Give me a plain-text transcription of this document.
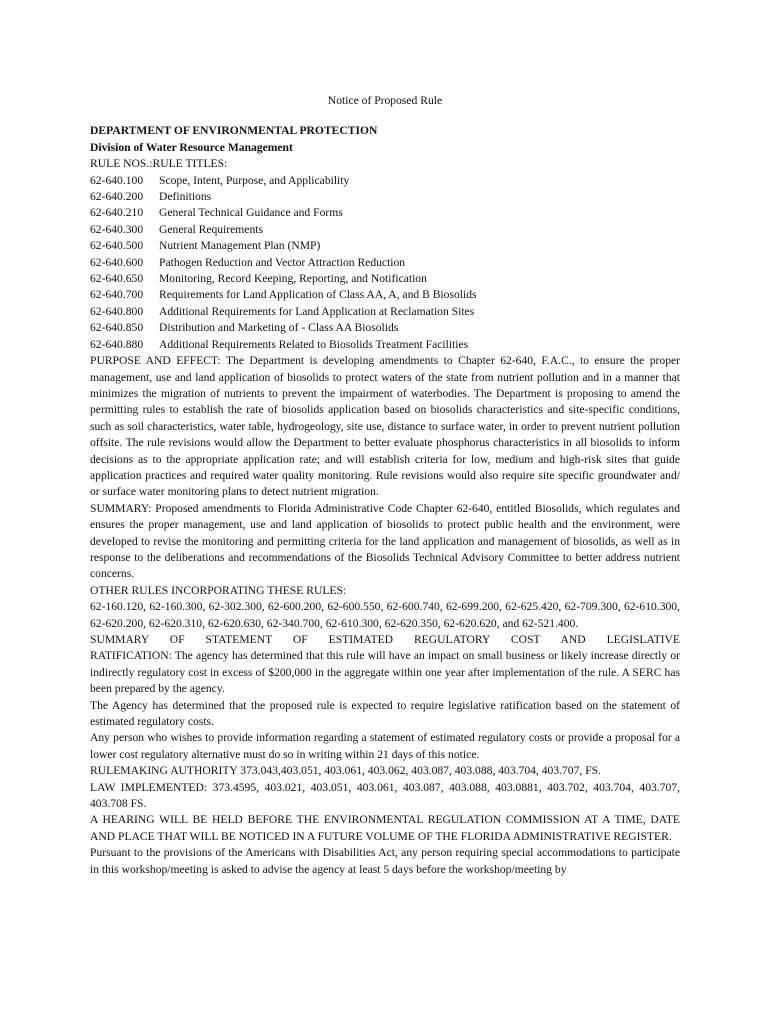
Notice of Proposed Rule
DEPARTMENT OF ENVIRONMENTAL PROTECTION
Division of Water Resource Management
RULE NOS.:RULE TITLES:
62-640.100 Scope, Intent, Purpose, and Applicability
62-640.200 Definitions
62-640.210 General Technical Guidance and Forms
62-640.300 General Requirements
62-640.500 Nutrient Management Plan (NMP)
62-640.600 Pathogen Reduction and Vector Attraction Reduction
62-640.650 Monitoring, Record Keeping, Reporting, and Notification
62-640.700 Requirements for Land Application of Class AA, A, and B Biosolids
62-640.800 Additional Requirements for Land Application at Reclamation Sites
62-640.850 Distribution and Marketing of - Class AA Biosolids
62-640.880 Additional Requirements Related to Biosolids Treatment Facilities
PURPOSE AND EFFECT: The Department is developing amendments to Chapter 62-640, F.A.C., to ensure the proper management, use and land application of biosolids to protect waters of the state from nutrient pollution and in a manner that minimizes the migration of nutrients to prevent the impairment of waterbodies. The Department is proposing to amend the permitting rules to establish the rate of biosolids application based on biosolids characteristics and site-specific conditions, such as soil characteristics, water table, hydrogeology, site use, distance to surface water, in order to prevent nutrient pollution offsite. The rule revisions would allow the Department to better evaluate phosphorus characteristics in all biosolids to inform decisions as to the appropriate application rate; and will establish criteria for low, medium and high-risk sites that guide application practices and required water quality monitoring. Rule revisions would also require site specific groundwater and/ or surface water monitoring plans to detect nutrient migration.
SUMMARY: Proposed amendments to Florida Administrative Code Chapter 62-640, entitled Biosolids, which regulates and ensures the proper management, use and land application of biosolids to protect public health and the environment, were developed to revise the monitoring and permitting criteria for the land application and management of biosolids, as well as in response to the deliberations and recommendations of the Biosolids Technical Advisory Committee to better address nutrient concerns.
OTHER RULES INCORPORATING THESE RULES:
62-160.120, 62-160.300, 62-302.300, 62-600.200, 62-600.550, 62-600.740, 62-699.200, 62-625.420, 62-709.300, 62-610.300, 62-620.200, 62-620.310, 62-620.630, 62-340.700, 62-610.300, 62-620.350, 62-620.620, and 62-521.400.
SUMMARY OF STATEMENT OF ESTIMATED REGULATORY COST AND LEGISLATIVE
RATIFICATION: The agency has determined that this rule will have an impact on small business or likely increase directly or indirectly regulatory cost in excess of $200,000 in the aggregate within one year after implementation of the rule. A SERC has been prepared by the agency.
The Agency has determined that the proposed rule is expected to require legislative ratification based on the statement of estimated regulatory costs.
Any person who wishes to provide information regarding a statement of estimated regulatory costs or provide a proposal for a lower cost regulatory alternative must do so in writing within 21 days of this notice.
RULEMAKING AUTHORITY 373.043,403.051, 403.061, 403.062, 403.087, 403.088, 403.704, 403.707, FS.
LAW IMPLEMENTED: 373.4595, 403.021, 403.051, 403.061, 403.087, 403.088, 403.0881, 403.702, 403.704, 403.707, 403.708 FS.
A HEARING WILL BE HELD BEFORE THE ENVIRONMENTAL REGULATION COMMISSION AT A TIME, DATE AND PLACE THAT WILL BE NOTICED IN A FUTURE VOLUME OF THE FLORIDA ADMINISTRATIVE REGISTER.
Pursuant to the provisions of the Americans with Disabilities Act, any person requiring special accommodations to participate in this workshop/meeting is asked to advise the agency at least 5 days before the workshop/meeting by
